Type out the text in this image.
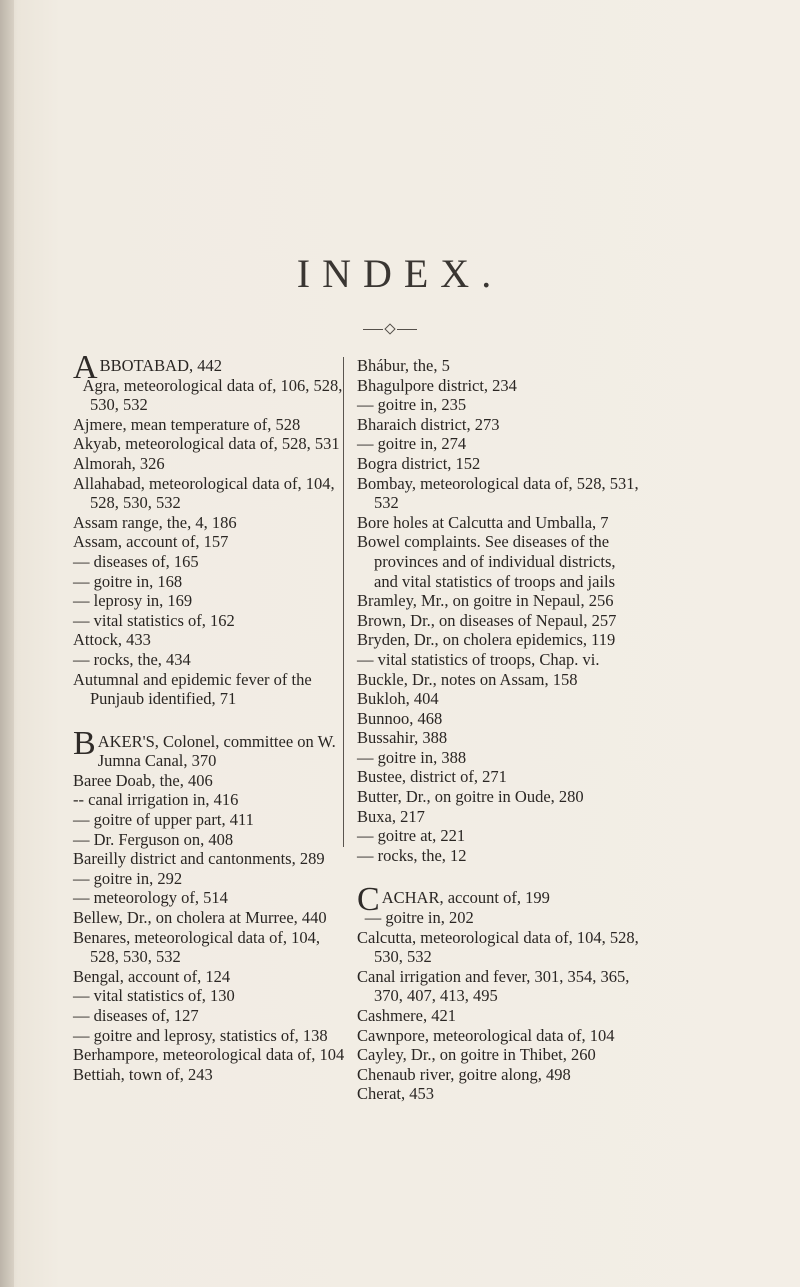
INDEX.
ABBOTABAD, 442
Agra, meteorological data of, 106, 528, 530, 532
Ajmere, mean temperature of, 528
Akyab, meteorological data of, 528, 531
Almorah, 326
Allahabad, meteorological data of, 104, 528, 530, 532
Assam range, the, 4, 186
Assam, account of, 157
— diseases of, 165
— goitre in, 168
— leprosy in, 169
— vital statistics of, 162
Attock, 433
— rocks, the, 434
Autumnal and epidemic fever of the Punjaub identified, 71
BAKER'S, Colonel, committee on W. Jumna Canal, 370
Baree Doab, the, 406
-- canal irrigation in, 416
— goitre of upper part, 411
— Dr. Ferguson on, 408
Bareilly district and cantonments, 289
— goitre in, 292
— meteorology of, 514
Bellew, Dr., on cholera at Murree, 440
Benares, meteorological data of, 104, 528, 530, 532
Bengal, account of, 124
— vital statistics of, 130
— diseases of, 127
— goitre and leprosy, statistics of, 138
Berhampore, meteorological data of, 104
Bettiah, town of, 243
Bhábur, the, 5
Bhagulpore district, 234
— goitre in, 235
Bharaich district, 273
— goitre in, 274
Bogra district, 152
Bombay, meteorological data of, 528, 531, 532
Bore holes at Calcutta and Umballa, 7
Bowel complaints. See diseases of the provinces and of individual districts, and vital statistics of troops and jails
Bramley, Mr., on goitre in Nepaul, 256
Brown, Dr., on diseases of Nepaul, 257
Bryden, Dr., on cholera epidemics, 119
— vital statistics of troops, Chap. vi.
Buckle, Dr., notes on Assam, 158
Bukloh, 404
Bunnoo, 468
Bussahir, 388
— goitre in, 388
Bustee, district of, 271
Butter, Dr., on goitre in Oude, 280
Buxa, 217
— goitre at, 221
— rocks, the, 12
CACHAR, account of, 199
— goitre in, 202
Calcutta, meteorological data of, 104, 528, 530, 532
Canal irrigation and fever, 301, 354, 365, 370, 407, 413, 495
Cashmere, 421
Cawnpore, meteorological data of, 104
Cayley, Dr., on goitre in Thibet, 260
Chenaub river, goitre along, 498
Cherat, 453
